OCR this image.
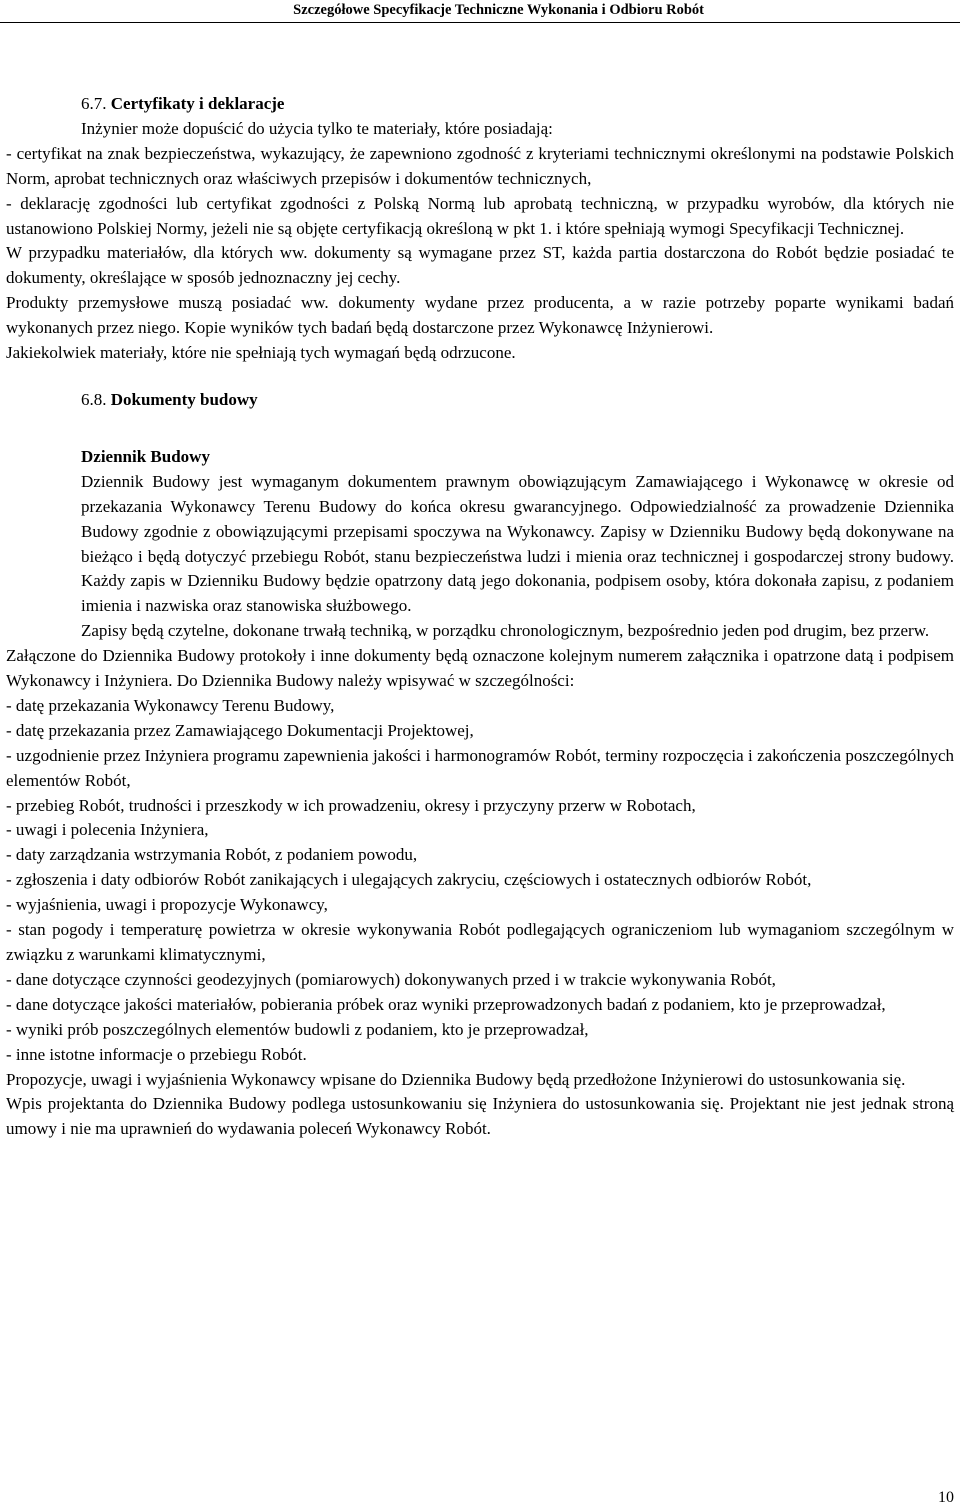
Szczegółowe Specyfikacje Techniczne Wykonania i Odbioru Robót

6.7. Certyfikaty i deklaracje

Inżynier może dopuścić do użycia tylko te materiały, które posiadają:

- certyfikat na znak bezpieczeństwa, wykazujący, że zapewniono zgodność z kryteriami technicznymi określonymi na podstawie Polskich Norm, aprobat technicznych oraz właściwych przepisów i dokumentów technicznych,

- deklarację zgodności lub certyfikat zgodności z Polską Normą lub aprobatą techniczną, w przypadku wyrobów, dla których nie ustanowiono Polskiej Normy, jeżeli nie są objęte certyfikacją określoną w pkt 1. i które spełniają wymogi Specyfikacji Technicznej.

W przypadku materiałów, dla których ww. dokumenty są wymagane przez ST, każda partia dostarczona do Robót będzie posiadać te dokumenty, określające w sposób jednoznaczny jej cechy.

Produkty przemysłowe muszą posiadać ww. dokumenty wydane przez producenta, a w razie potrzeby poparte wynikami badań wykonanych przez niego. Kopie wyników tych badań będą dostarczone przez Wykonawcę Inżynierowi.

Jakiekolwiek materiały, które nie spełniają tych wymagań będą odrzucone.

6.8. Dokumenty budowy

Dziennik Budowy

Dziennik Budowy jest wymaganym dokumentem prawnym obowiązującym Zamawiającego i Wykonawcę w okresie od przekazania Wykonawcy Terenu Budowy do końca okresu gwarancyjnego. Odpowiedzialność za prowadzenie Dziennika Budowy zgodnie z obowiązującymi przepisami spoczywa na Wykonawcy. Zapisy w Dzienniku Budowy będą dokonywane na bieżąco i będą dotyczyć przebiegu Robót, stanu bezpieczeństwa ludzi i mienia oraz technicznej i gospodarczej strony budowy. Każdy zapis w Dzienniku Budowy będzie opatrzony datą jego dokonania, podpisem osoby, która dokonała zapisu, z podaniem imienia i nazwiska oraz stanowiska służbowego.

Zapisy będą czytelne, dokonane trwałą techniką, w porządku chronologicznym, bezpośrednio jeden pod drugim, bez przerw.

Załączone do Dziennika Budowy protokoły i inne dokumenty będą oznaczone kolejnym numerem załącznika i opatrzone datą i podpisem Wykonawcy i Inżyniera. Do Dziennika Budowy należy wpisywać w szczególności:

- datę przekazania Wykonawcy Terenu Budowy,

- datę przekazania przez Zamawiającego Dokumentacji Projektowej,

- uzgodnienie przez Inżyniera programu zapewnienia jakości i harmonogramów Robót, terminy rozpoczęcia i zakończenia poszczególnych elementów Robót,

- przebieg Robót, trudności i przeszkody w ich prowadzeniu, okresy i przyczyny przerw w Robotach,

- uwagi i polecenia Inżyniera,

- daty zarządzania wstrzymania Robót, z podaniem powodu,

- zgłoszenia i daty odbiorów Robót zanikających i ulegających zakryciu, częściowych i ostatecznych odbiorów Robót,

- wyjaśnienia, uwagi i propozycje Wykonawcy,

- stan pogody i temperaturę powietrza w okresie wykonywania Robót podlegających ograniczeniom lub wymaganiom szczególnym w związku z warunkami klimatycznymi,

- dane dotyczące czynności geodezyjnych (pomiarowych) dokonywanych przed i w trakcie wykonywania Robót,

- dane dotyczące jakości materiałów, pobierania próbek oraz wyniki przeprowadzonych badań z podaniem, kto je przeprowadzał,

- wyniki prób poszczególnych elementów budowli z podaniem, kto je przeprowadzał,

- inne istotne informacje o przebiegu Robót.

Propozycje, uwagi i wyjaśnienia Wykonawcy wpisane do Dziennika Budowy będą przedłożone Inżynierowi do ustosunkowania się.

Wpis projektanta do Dziennika Budowy podlega ustosunkowaniu się Inżyniera do ustosunkowania się. Projektant nie jest jednak stroną umowy i nie ma uprawnień do wydawania poleceń Wykonawcy Robót.

10
